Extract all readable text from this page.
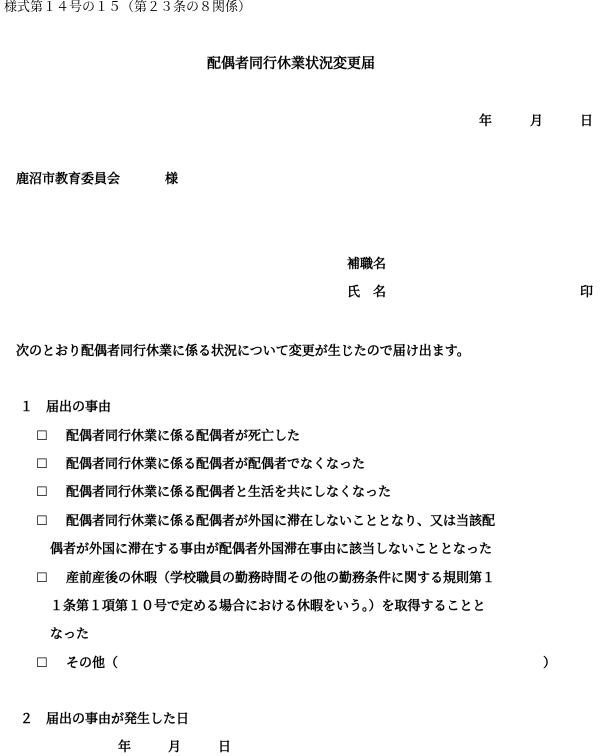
様式第１４号の１５（第２３条の８関係）
配偶者同行休業状況変更届
年	月	日
鹿沼市教育委員会	様
補職名
氏　名	印
次のとおり配偶者同行休業に係る状況について変更が生じたので届け出ます。
１　届出の事由
☐ 配偶者同行休業に係る配偶者が死亡した
☐ 配偶者同行休業に係る配偶者が配偶者でなくなった
☐ 配偶者同行休業に係る配偶者と生活を共にしなくなった
☐ 配偶者同行休業に係る配偶者が外国に滞在しないこととなり、又は当該配
偶者が外国に滞在する事由が配偶者外国滞在事由に該当しないこととなった
☐ 産前産後の休暇（学校職員の勤務時間その他の勤務条件に関する規則第１
１条第１項第１０号で定める場合における休暇をいう。）を取得することと
なった
☐ その他（	）
２　届出の事由が発生した日
年	月	日
